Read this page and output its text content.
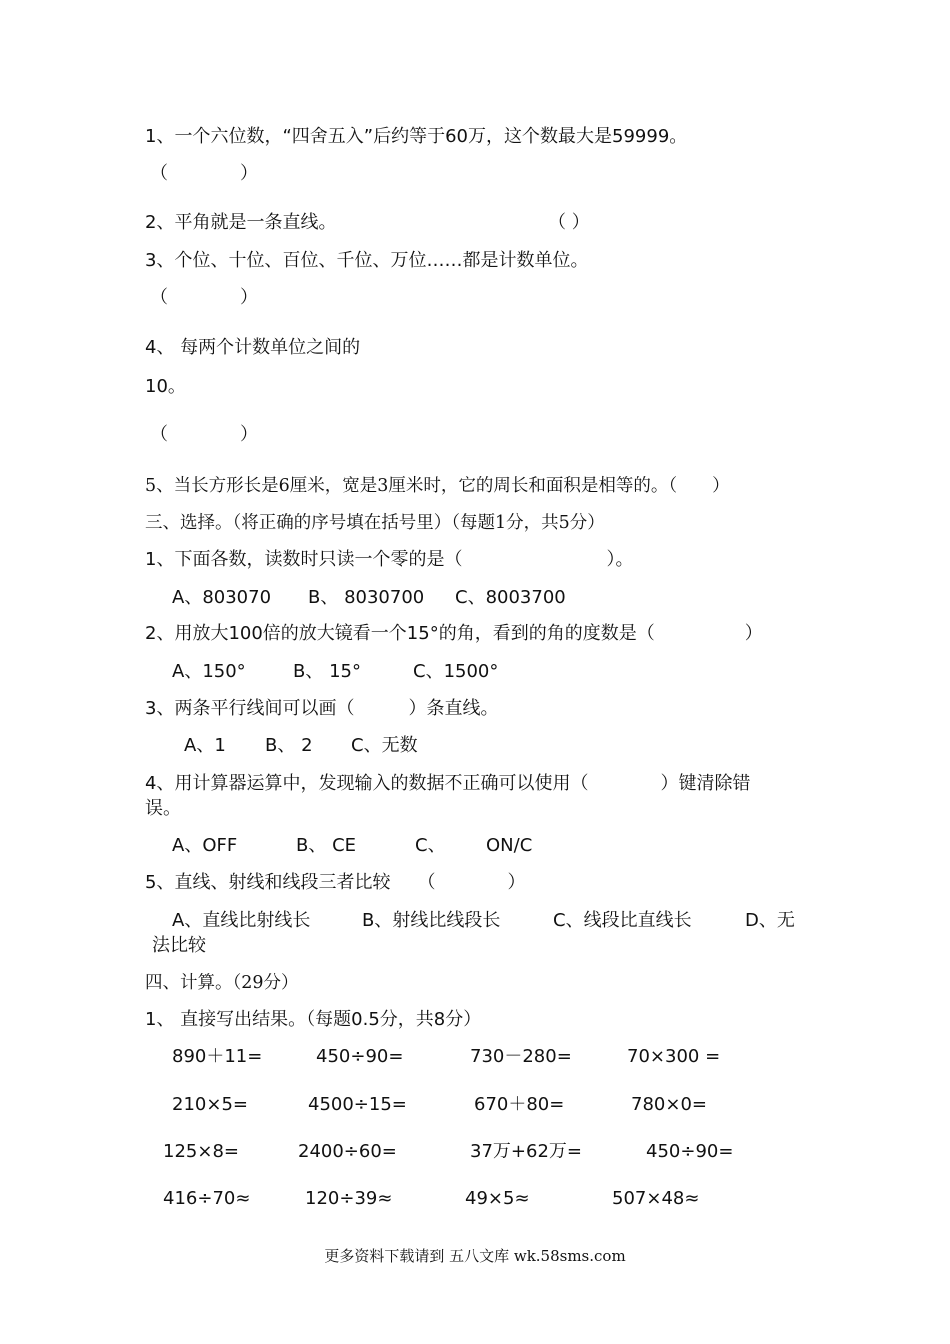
1、一个六位数，“四舍五入”后约等于60万，这个数最大是59999。
（　　　　）
2、平角就是一条直线。	（ ）
3、个位、十位、百位、千位、万位……都是计数单位。
（　　　　）
4、 每两个计数单位之间的
10。
（　　　　）
5、当长方形长是6厘米，宽是3厘米时，它的周长和面积是相等的。（　　）
三、选择。（将正确的序号填在括号里）（每题1分，共5分）
1、下面各数，读数时只读一个零的是（　　　　　　　　）。
A、803070 B、 8030700 C、8003700
2、用放大100倍的放大镜看一个15°的角，看到的角的度数是（　　　　　）
A、150°	B、 15°	C、1500°
3、两条平行线间可以画（　　　）条直线。
A、1 B、 2 C、无数
4、用计算器运算中，发现输入的数据不正确可以使用（　　　　）键清除错
误。
A、OFF	B、 CE	C、 ON/C
5、直线、射线和线段三者比较　　（　　　　）
A、直线比射线长	B、射线比线段长	C、线段比直线长	D、无
法比较
四、计算。（29分）
1、 直接写出结果。（每题0.5分，共8分）
890＋11=	450÷90=	730－280=	70×300 =
210×5=	4500÷15=	670＋80=	780×0=
125×8=	2400÷60=	37万+62万=	450÷90=
416÷70≈	120÷39≈	49×5≈	507×48≈
更多资料下载请到 五八文库 wk.58sms.com
